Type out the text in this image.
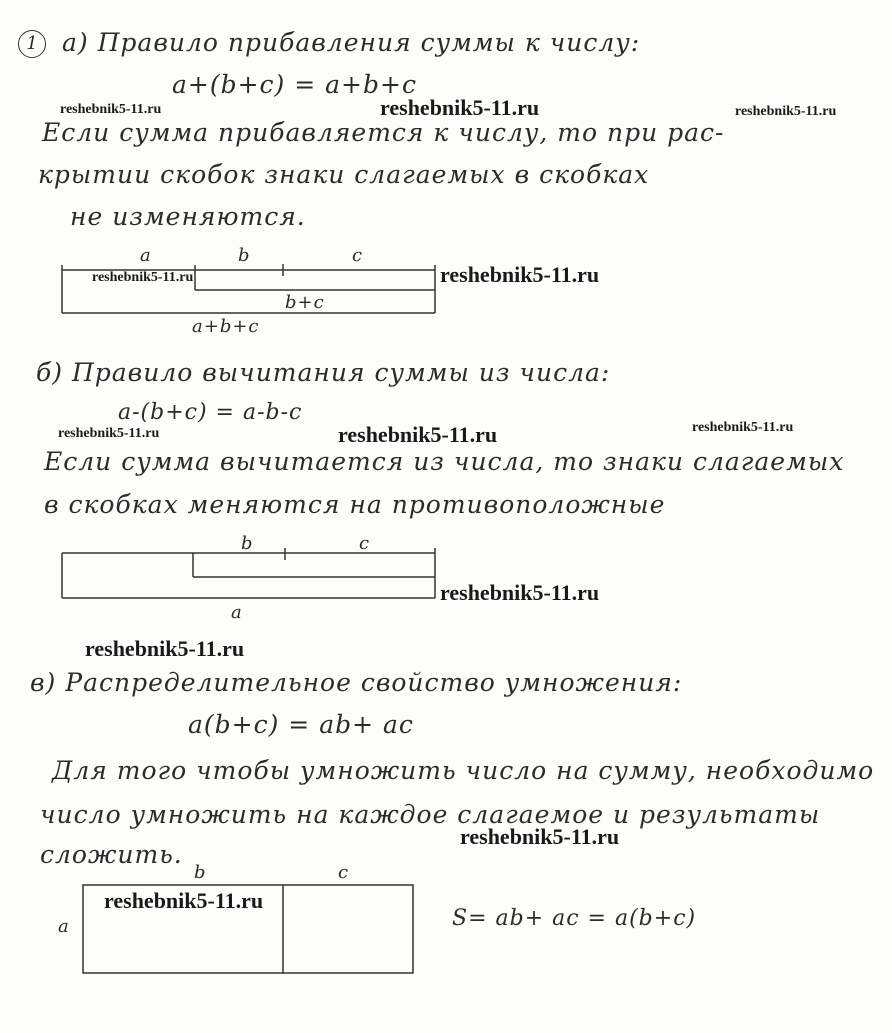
1 а) Правило прибавления суммы к числу:
a+(b+c) = a+b+c
Если сумма прибавляется к числу, то при рас-
крытии скобок знаки слагаемых в скобках
не изменяются.
a	b	c
b+c
a+b+c
б) Правило вычитания суммы из числа:
a-(b+c) = a-b-c
Если сумма вычитается из числа, то знаки слагаемых
в скобках меняются на противоположные
b	c
a
в) Распределительное свойство умножения:
a(b+c) = ab+ ac
Для того чтобы умножить число на сумму, необходимо
число умножить на каждое слагаемое и результаты
сложить.
b	c
a	S= ab+ ac = a(b+c)
reshebnik5-11.ru	reshebnik5-11.ru	reshebnik5-11.ru
reshebnik5-11.ru	reshebnik5-11.ru
reshebnik5-11.ru	reshebnik5-11.ru	reshebnik5-11.ru
reshebnik5-11.ru
reshebnik5-11.ru
reshebnik5-11.ru
reshebnik5-11.ru
